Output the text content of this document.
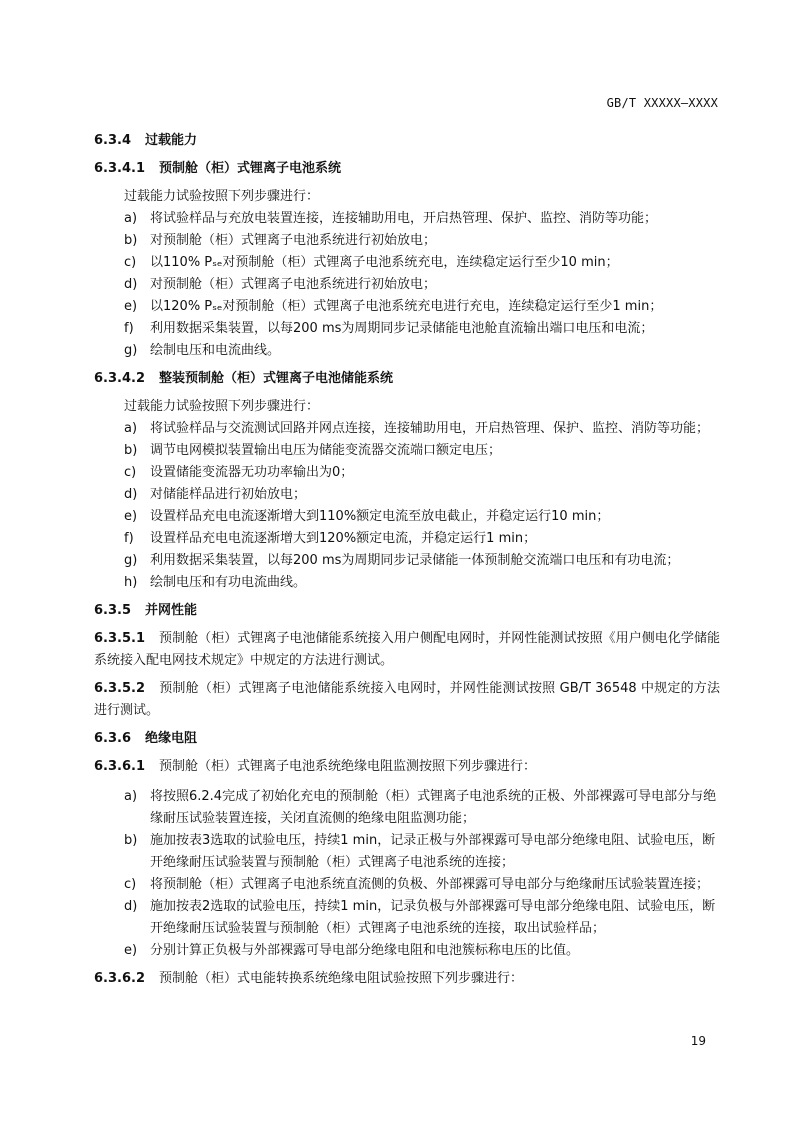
GB/T XXXXX—XXXX
6.3.4 过载能力
6.3.4.1 预制舱（柜）式锂离子电池系统
过载能力试验按照下列步骤进行：
a) 将试验样品与充放电装置连接，连接辅助用电，开启热管理、保护、监控、消防等功能；
b) 对预制舱（柜）式锂离子电池系统进行初始放电；
c) 以110% Pₛₑ对预制舱（柜）式锂离子电池系统充电，连续稳定运行至少10 min；
d) 对预制舱（柜）式锂离子电池系统进行初始放电；
e) 以120% Pₛₑ对预制舱（柜）式锂离子电池系统充电进行充电，连续稳定运行至少1 min；
f) 利用数据采集装置，以每200 ms为周期同步记录储能电池舱直流输出端口电压和电流；
g) 绘制电压和电流曲线。
6.3.4.2 整装预制舱（柜）式锂离子电池储能系统
过载能力试验按照下列步骤进行：
a) 将试验样品与交流测试回路并网点连接，连接辅助用电，开启热管理、保护、监控、消防等功能；
b) 调节电网模拟装置输出电压为储能变流器交流端口额定电压；
c) 设置储能变流器无功功率输出为0；
d) 对储能样品进行初始放电；
e) 设置样品充电电流逐渐增大到110%额定电流至放电截止，并稳定运行10 min；
f) 设置样品充电电流逐渐增大到120%额定电流，并稳定运行1 min；
g) 利用数据采集装置，以每200 ms为周期同步记录储能一体预制舱交流端口电压和有功电流；
h) 绘制电压和有功电流曲线。
6.3.5 并网性能

6.3.5.1 预制舱（柜）式锂离子电池储能系统接入用户侧配电网时，并网性能测试按照《用户侧电化学储能系统接入配电网技术规定》中规定的方法进行测试。

6.3.5.2 预制舱（柜）式锂离子电池储能系统接入电网时，并网性能测试按照 GB/T 36548 中规定的方法进行测试。

6.3.6 绝缘电阻

6.3.6.1 预制舱（柜）式锂离子电池系统绝缘电阻监测按照下列步骤进行：

a) 将按照6.2.4完成了初始化充电的预制舱（柜）式锂离子电池系统的正极、外部裸露可导电部分与绝缘耐压试验装置连接，关闭直流侧的绝缘电阻监测功能；
b) 施加按表3选取的试验电压，持续1 min，记录正极与外部裸露可导电部分绝缘电阻、试验电压，断开绝缘耐压试验装置与预制舱（柜）式锂离子电池系统的连接；
c) 将预制舱（柜）式锂离子电池系统直流侧的负极、外部裸露可导电部分与绝缘耐压试验装置连接；
d) 施加按表2选取的试验电压，持续1 min，记录负极与外部裸露可导电部分绝缘电阻、试验电压，断开绝缘耐压试验装置与预制舱（柜）式锂离子电池系统的连接，取出试验样品；
e) 分别计算正负极与外部裸露可导电部分绝缘电阻和电池簇标称电压的比值。

6.3.6.2 预制舱（柜）式电能转换系统绝缘电阻试验按照下列步骤进行：

19
